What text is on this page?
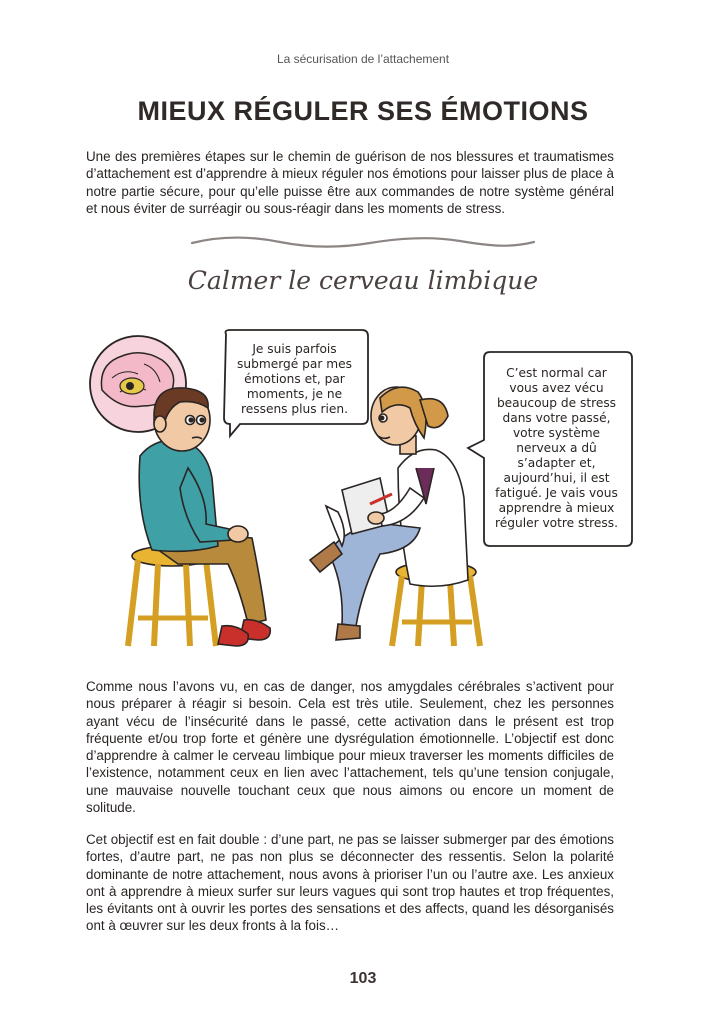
La sécurisation de l’attachement
MIEUX RÉGULER SES ÉMOTIONS

Une des premières étapes sur le chemin de guérison de nos blessures et traumatismes d’attachement est d’apprendre à mieux réguler nos émotions pour laisser plus de place à notre partie sécure, pour qu’elle puisse être aux commandes de notre système général et nous éviter de surréagir ou sous-réagir dans les moments de stress.

Calmer le cerveau limbique

Je suis parfois submergé par mes émotions et, par moments, je ne ressens plus rien.

C’est normal car vous avez vécu beaucoup de stress dans votre passé, votre système nerveux a dû s’adapter et, aujourd’hui, il est fatigué. Je vais vous apprendre à mieux réguler votre stress.

Comme nous l’avons vu, en cas de danger, nos amygdales cérébrales s’activent pour nous préparer à réagir si besoin. Cela est très utile. Seulement, chez les personnes ayant vécu de l’insécurité dans le passé, cette activation dans le présent est trop fréquente et/ou trop forte et génère une dysrégulation émotionnelle. L’objectif est donc d’apprendre à calmer le cerveau limbique pour mieux traverser les moments difficiles de l’existence, notamment ceux en lien avec l’attachement, tels qu’une tension conjugale, une mauvaise nouvelle touchant ceux que nous aimons ou encore un moment de solitude.

Cet objectif est en fait double : d’une part, ne pas se laisser submerger par des émotions fortes, d’autre part, ne pas non plus se déconnecter des ressentis. Selon la polarité dominante de notre attachement, nous avons à prioriser l’un ou l’autre axe. Les anxieux ont à apprendre à mieux surfer sur leurs vagues qui sont trop hautes et trop fréquentes, les évitants ont à ouvrir les portes des sensations et des affects, quand les désorganisés ont à œuvrer sur les deux fronts à la fois…

103
